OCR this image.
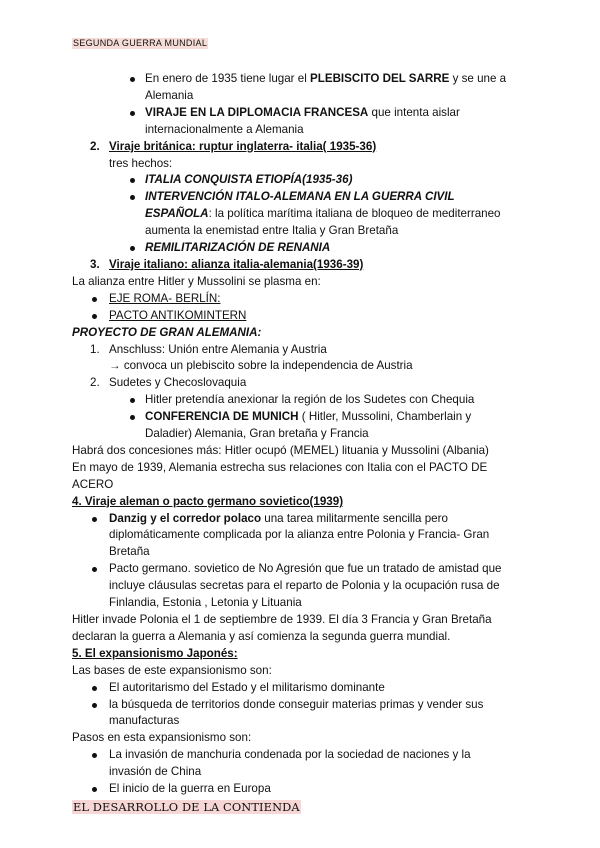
SEGUNDA GUERRA MUNDIAL
En enero de 1935 tiene lugar el PLEBISCITO DEL SARRE y se une a
Alemania
VIRAJE EN LA DIPLOMACIA FRANCESA que intenta aislar
internacionalmente a Alemania
2. Viraje británica: ruptur inglaterra- italia( 1935-36)
tres hechos:
ITALIA CONQUISTA ETIOPÍA(1935-36)
INTERVENCIÓN ITALO-ALEMANA EN LA GUERRA CIVIL
ESPAÑOLA: la política marítima italiana de bloqueo de mediterraneo
aumenta la enemistad entre Italia y Gran Bretaña
REMILITARIZACIÓN DE RENANIA
3. Viraje italiano: alianza italia-alemania(1936-39)
La alianza entre Hitler y Mussolini se plasma en:
EJE ROMA- BERLÍN:
PACTO ANTIKOMINTERN
PROYECTO DE GRAN ALEMANIA:
1. Anschluss: Unión entre Alemania y Austria
→ convoca un plebiscito sobre la independencia de Austria
2. Sudetes y Checoslovaquia
Hitler pretendía anexionar la región de los Sudetes con Chequia
CONFERENCIA DE MUNICH ( Hitler, Mussolini, Chamberlain y
Daladier) Alemania, Gran bretaña y Francia
Habrá dos concesiones más: Hitler ocupó (MEMEL) lituania y Mussolini (Albania)
En mayo de 1939, Alemania estrecha sus relaciones con Italia con el PACTO DE
ACERO
4. Viraje aleman o pacto germano sovietico(1939)
Danzig y el corredor polaco una tarea militarmente sencilla pero
diplomáticamente complicada por la alianza entre Polonia y Francia- Gran
Bretaña
Pacto germano. sovietico de No Agresión que fue un tratado de amistad que
incluye cláusulas secretas para el reparto de Polonia y la ocupación rusa de
Finlandia, Estonia , Letonia y Lituania
Hitler invade Polonia el 1 de septiembre de 1939. El día 3 Francia y Gran Bretaña
declaran la guerra a Alemania y así comienza la segunda guerra mundial.
5. El expansionismo Japonés:
Las bases de este expansionismo son:
El autoritarismo del Estado y el militarismo dominante
la búsqueda de territorios donde conseguir materias primas y vender sus
manufacturas
Pasos en esta expansionismo son:
La invasión de manchuria condenada por la sociedad de naciones y la
invasión de China
El inicio de la guerra en Europa
EL DESARROLLO DE LA CONTIENDA
